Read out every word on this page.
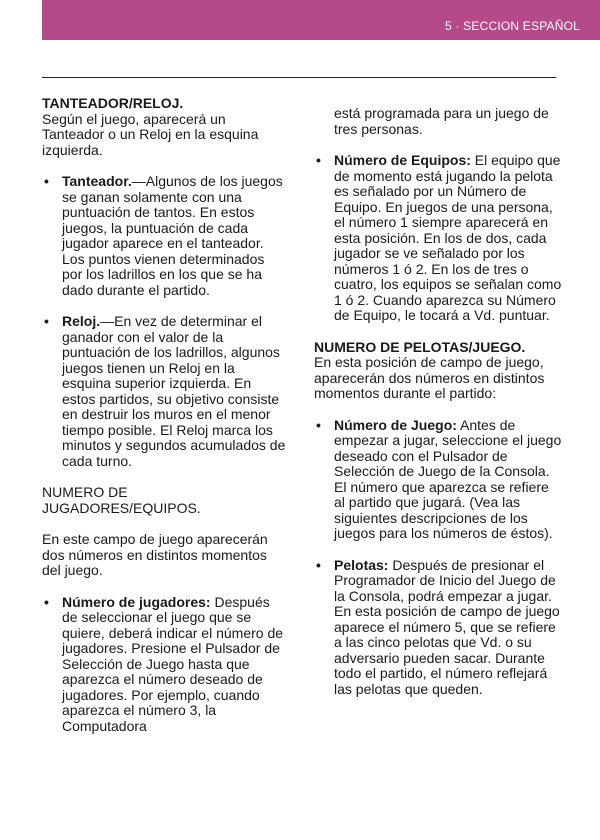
5 · SECCION ESPAÑOL
TANTEADOR/RELOJ.

Según el juego, aparecerá un Tanteador o un Reloj en la esquina izquierda.

• Tanteador.—Algunos de los juegos se ganan solamente con una puntuación de tantos. En estos juegos, la puntuación de cada jugador aparece en el tanteador. Los puntos vienen determinados por los ladrillos en los que se ha dado durante el partido.
• Reloj.—En vez de determinar el ganador con el valor de la puntuación de los ladrillos, algunos juegos tienen un Reloj en la esquina superior izquierda. En estos partidos, su objetivo consiste en destruir los muros en el menor tiempo posible. El Reloj marca los minutos y segundos acumulados de cada turno.
NUMERO DE JUGADORES/EQUIPOS.

En este campo de juego aparecerán dos números en distintos momentos del juego.

• Número de jugadores: Después de seleccionar el juego que se quiere, deberá indicar el número de jugadores. Presione el Pulsador de Selección de Juego hasta que aparezca el número deseado de jugadores. Por ejemplo, cuando aparezca el número 3, la Computadora

está programada para un juego de tres personas.

• Número de Equipos: El equipo que de momento está jugando la pelota es señalado por un Número de Equipo. En juegos de una persona, el número 1 siempre aparecerá en esta posición. En los de dos, cada jugador se ve señalado por los números 1 ó 2. En los de tres o cuatro, los equipos se señalan como 1 ó 2. Cuando aparezca su Número de Equipo, le tocará a Vd. puntuar.
NUMERO DE PELOTAS/JUEGO.

En esta posición de campo de juego, aparecerán dos números en distintos momentos durante el partido:

• Número de Juego: Antes de empezar a jugar, seleccione el juego deseado con el Pulsador de Selección de Juego de la Consola. El número que aparezca se refiere al partido que jugará. (Vea las siguientes descripciones de los juegos para los números de éstos).
• Pelotas: Después de presionar el Programador de Inicio del Juego de la Consola, podrá empezar a jugar. En esta posición de campo de juego aparece el número 5, que se refiere a las cinco pelotas que Vd. o su adversario pueden sacar. Durante todo el partido, el número reflejará las pelotas que queden.
